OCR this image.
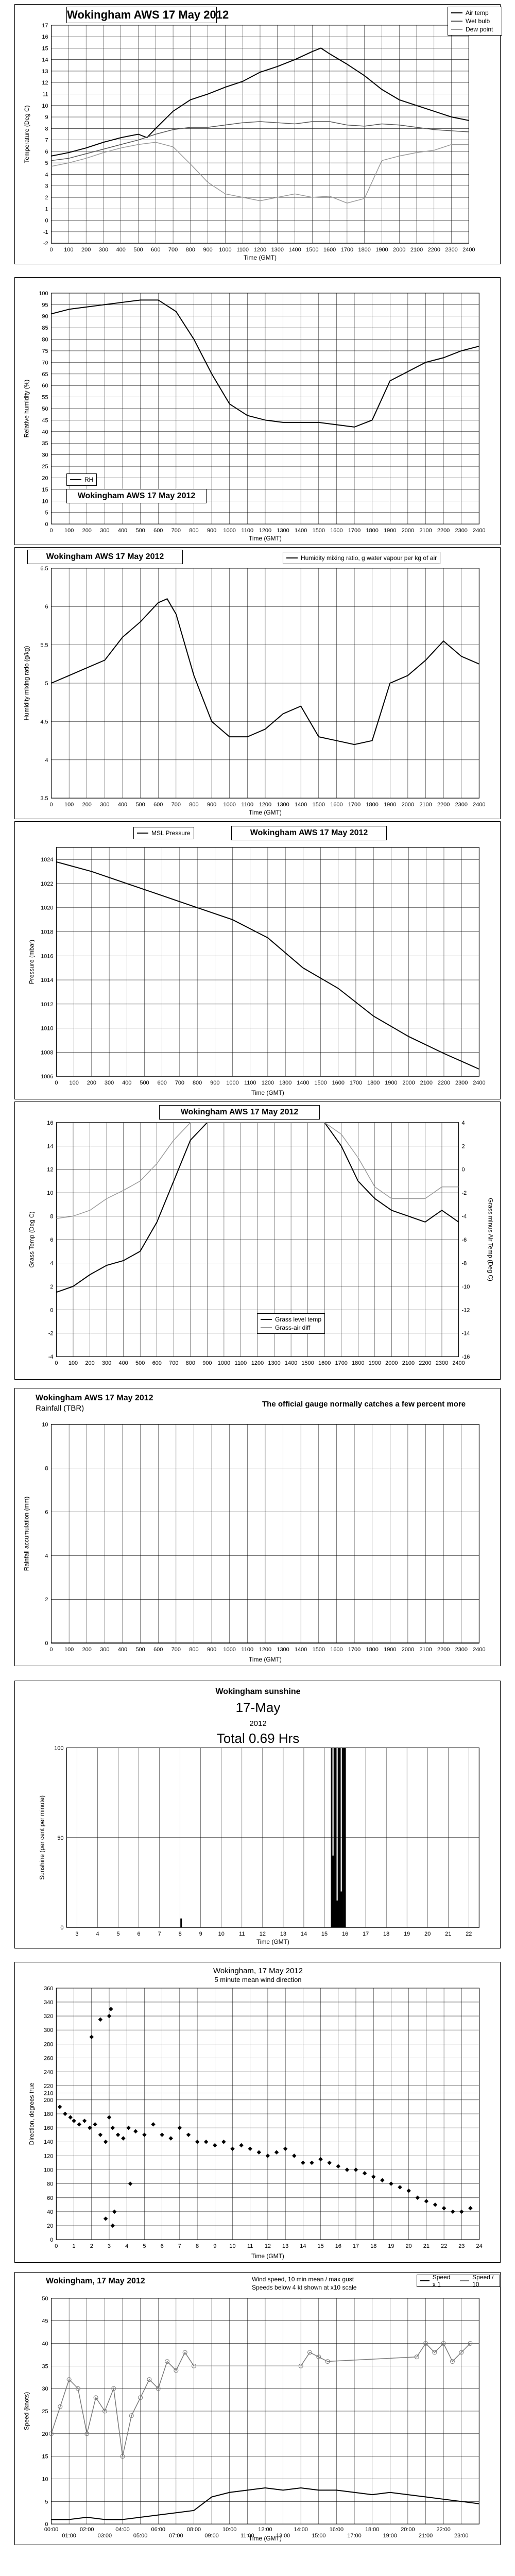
-2
-1
0
1
2
3
4
5
6
7
8
9
10
11
12
13
14
15
16
17
0 100 200 300 400 500 600 700 800 900 1000 1100 1200 1300 1400 1500 1600 1700 1800 1900 2000 2100 2200 2300 2400
Time (GMT)
Temperature (Deg C)
Wokingham AWS 17 May 2012	Air temp
Wet bulb
Dew point
0
5
10
15
20
25
30
35
40
45
50
55
60
65
70
75
80
85
90
95
100
0 100 200 300 400 500 600 700 800 900 1000 1100 1200 1300 1400 1500 1600 1700 1800 1900 2000 2100 2200 2300 2400
Time (GMT)
Relative humidity (%)
Wokingham AWS 17 May 2012
RH
3.5
4
4.5
5
5.5
6
6.5
0 100 200 300 400 500 600 700 800 900 1000 1100 1200 1300 1400 1500 1600 1700 1800 1900 2000 2100 2200 2300 2400
Time (GMT)
Humidity mixing ratio (g/kg)
Wokingham AWS 17 May 2012	Humidity mixing ratio, g water vapour per kg of air
1006
1008
1010
1012
1014
1016
1018
1020
1022
1024
0 100 200 300 400 500 600 700 800 900 1000 1100 1200 1300 1400 1500 1600 1700 1800 1900 2000 2100 2200 2300 2400
Time (GMT)
Pressure (mbar)
MSL Pressure	Wokingham AWS 17 May 2012
-4
-2
0
2
4
6
8
10
12
14
16
0 100 200 300 400 500 600 700 800 900 1000 1100 1200 1300 1400 1500 1600 1700 1800 1900 2000 2100 2200 2300 2400
-16
-14
-12
-10
-8
-6
-4
-2
0
2
4
Grass minus Air Temp (Deg C)
Grass Temp (Deg C)
Wokingham AWS 17 May 2012
Grass level temp
Grass-air diff
0
2
4
6
8
10
0 100 200 300 400 500 600 700 800 900 1000 1100 1200 1300 1400 1500 1600 1700 1800 1900 2000 2100 2200 2300 2400
Time (GMT)
Rainfall accumulation (mm)
Wokingham AWS 17 May 2012
Rainfall (TBR)	The official gauge normally catches a few percent more
0
50
100
3	4	5	6	7	8	9	10	11	12	13	14	15	16	17	18	19	20	21	22
Time (GMT)
Sunshine (per cent per minute)
Wokingham sunshine
17-May
2012
Total 0.69 Hrs
0
20
40
60
80
100
120
140
160
180
200
210
220
240
260
280
300
320
340
360
0	1	2	3	4	5	6	7	8	9 10 11 12 13 14 15 16 17 18 19 20 21 22 23 24
Time (GMT)
Direction, degrees true
Wokingham, 17 May 2012
5 minute mean wind direction
0
5
10
15
20
25
30
35
40
45
50
00:00
01:00
02:00
03:00
04:00
05:00
06:00
07:00
08:00
09:00
10:00
11:00
12:00
13:00
14:00
15:00
16:00
17:00
18:00
19:00
20:00
21:00
22:00
23:00
Time (GMT)
Speed (knots)
Wokingham, 17 May 2012	Wind speed, 10 min mean / max gust
Speeds below 4 kt shown at x10 scale
Speed x 1
Speed / 10
